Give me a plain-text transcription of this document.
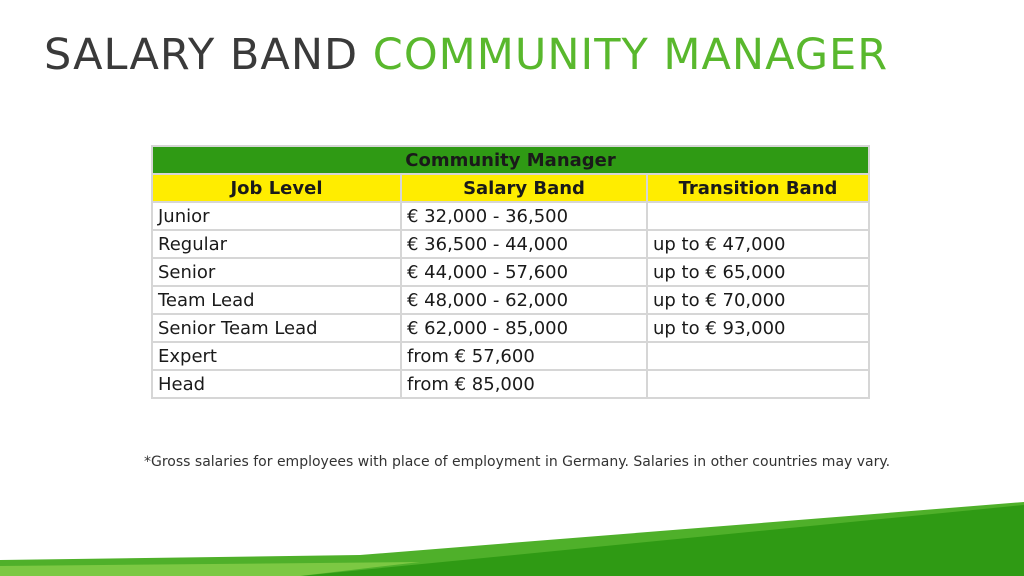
SALARY BAND COMMUNITY MANAGER
Community Manager		
Job Level	Salary Band	Transition Band
Junior	€ 32,000 - 36,500	
Regular	€ 36,500 - 44,000	up to € 47,000
Senior	€ 44,000 - 57,600	up to € 65,000
Team Lead	€ 48,000 - 62,000	up to € 70,000
Senior Team Lead	€ 62,000 - 85,000	up to € 93,000
Expert	from € 57,600	
Head	from € 85,000	
*Gross salaries for employees with place of employment in Germany. Salaries in other countries may vary.
